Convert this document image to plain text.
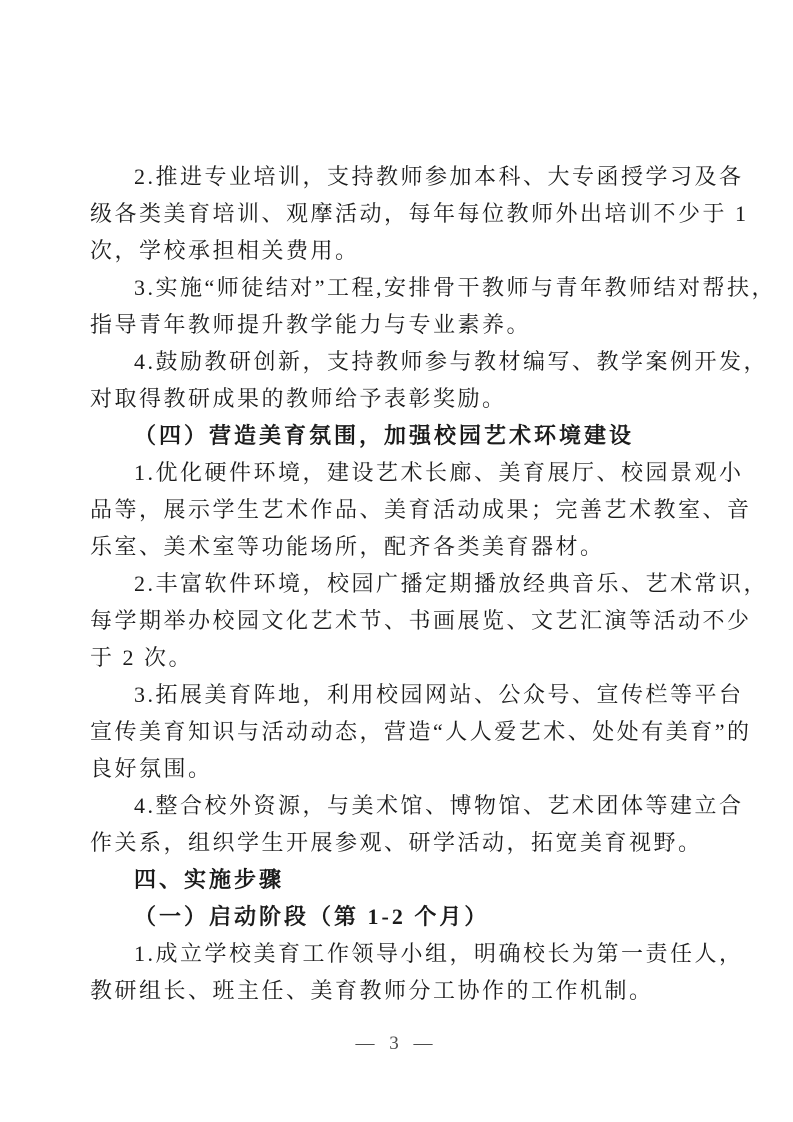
2.推进专业培训，支持教师参加本科、大专函授学习及各
级各类美育培训、观摩活动，每年每位教师外出培训不少于 1
次，学校承担相关费用。
3.实施“师徒结对”工程,安排骨干教师与青年教师结对帮扶，
指导青年教师提升教学能力与专业素养。
4.鼓励教研创新，支持教师参与教材编写、教学案例开发，
对取得教研成果的教师给予表彰奖励。
（四）营造美育氛围，加强校园艺术环境建设
1.优化硬件环境，建设艺术长廊、美育展厅、校园景观小
品等，展示学生艺术作品、美育活动成果；完善艺术教室、音
乐室、美术室等功能场所，配齐各类美育器材。
2.丰富软件环境，校园广播定期播放经典音乐、艺术常识，
每学期举办校园文化艺术节、书画展览、文艺汇演等活动不少
于 2 次。
3.拓展美育阵地，利用校园网站、公众号、宣传栏等平台
宣传美育知识与活动动态，营造“人人爱艺术、处处有美育”的
良好氛围。
4.整合校外资源，与美术馆、博物馆、艺术团体等建立合
作关系，组织学生开展参观、研学活动，拓宽美育视野。
四、实施步骤
（一）启动阶段（第 1-2 个月）
1.成立学校美育工作领导小组，明确校长为第一责任人，
教研组长、班主任、美育教师分工协作的工作机制。
— 3 —
